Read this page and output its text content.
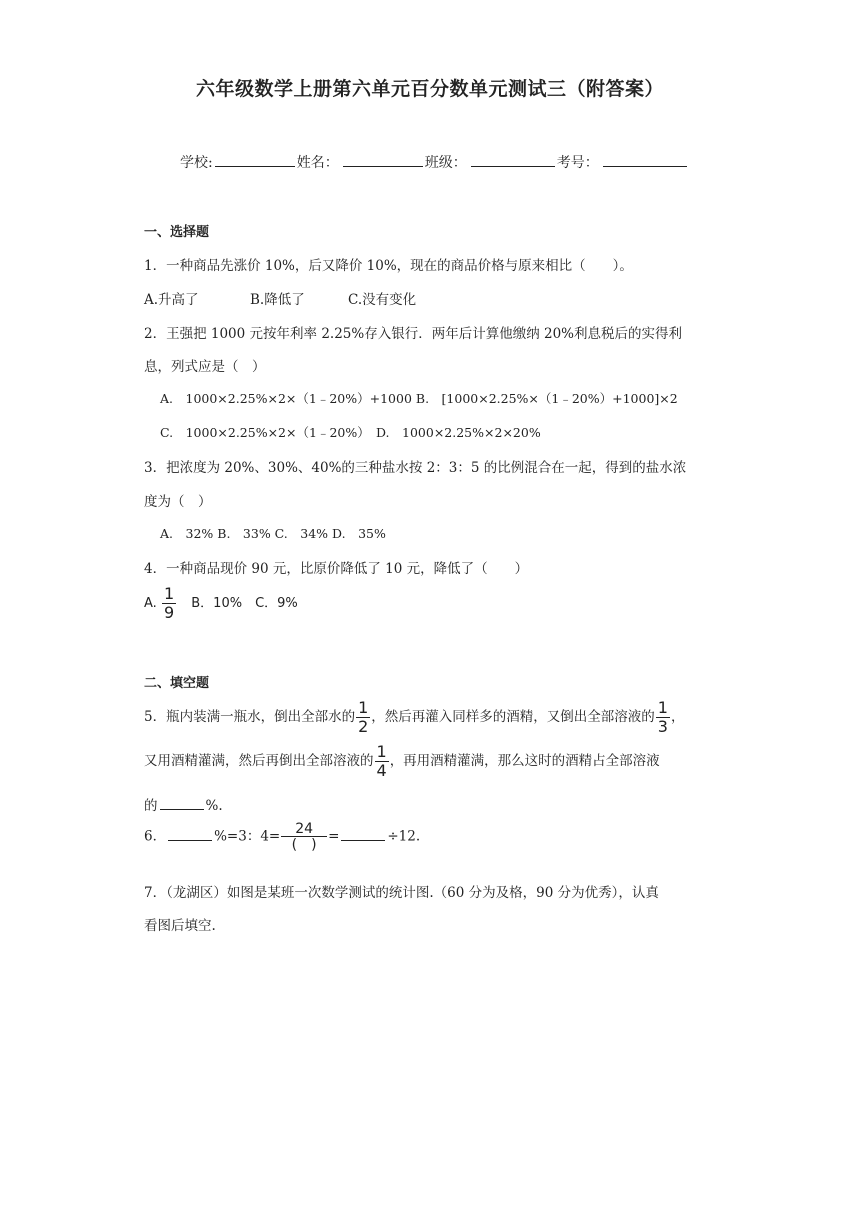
六年级数学上册第六单元百分数单元测试三（附答案）
学校:	姓名：	班级：	考号：
一、选择题
1．一种商品先涨价 10%，后又降价 10%，现在的商品价格与原来相比（　　）。
A.升高了	B.降低了	C.没有变化
2．王强把 1000 元按年利率 2.25%存入银行．两年后计算他缴纳 20%利息税后的实得利
息，列式应是（　）
A.　1000×2.25%×2×（1﹣20%）+1000 B.　[1000×2.25%×（1﹣20%）+1000]×2
C.　1000×2.25%×2×（1﹣20%）　D.　1000×2.25%×2×20%
3．把浓度为 20%、30%、40%的三种盐水按 2：3：5 的比例混合在一起，得到的盐水浓
度为（　）
A.　32% B.　33% C.　34% D.　35%
4．一种商品现价 90 元，比原价降低了 10 元，降低了（　　）
A. $\frac{1}{9}$ B．10%　C．9%
二、填空题
5．瓶内装满一瓶水，倒出全部水的 $\frac{1}{2}$ ，然后再灌入同样多的酒精，又倒出全部溶液的 $\frac{1}{3}$ ，
又用酒精灌满，然后再倒出全部溶液的 $\frac{1}{4}$ ，再用酒精灌满，那么这时的酒精占全部溶液
的	%.
6．	%=3：$4= \frac{24}{( )}$ =	÷12.
7．（龙湖区）如图是某班一次数学测试的统计图.（60 分为及格，90 分为优秀），认真
看图后填空.
